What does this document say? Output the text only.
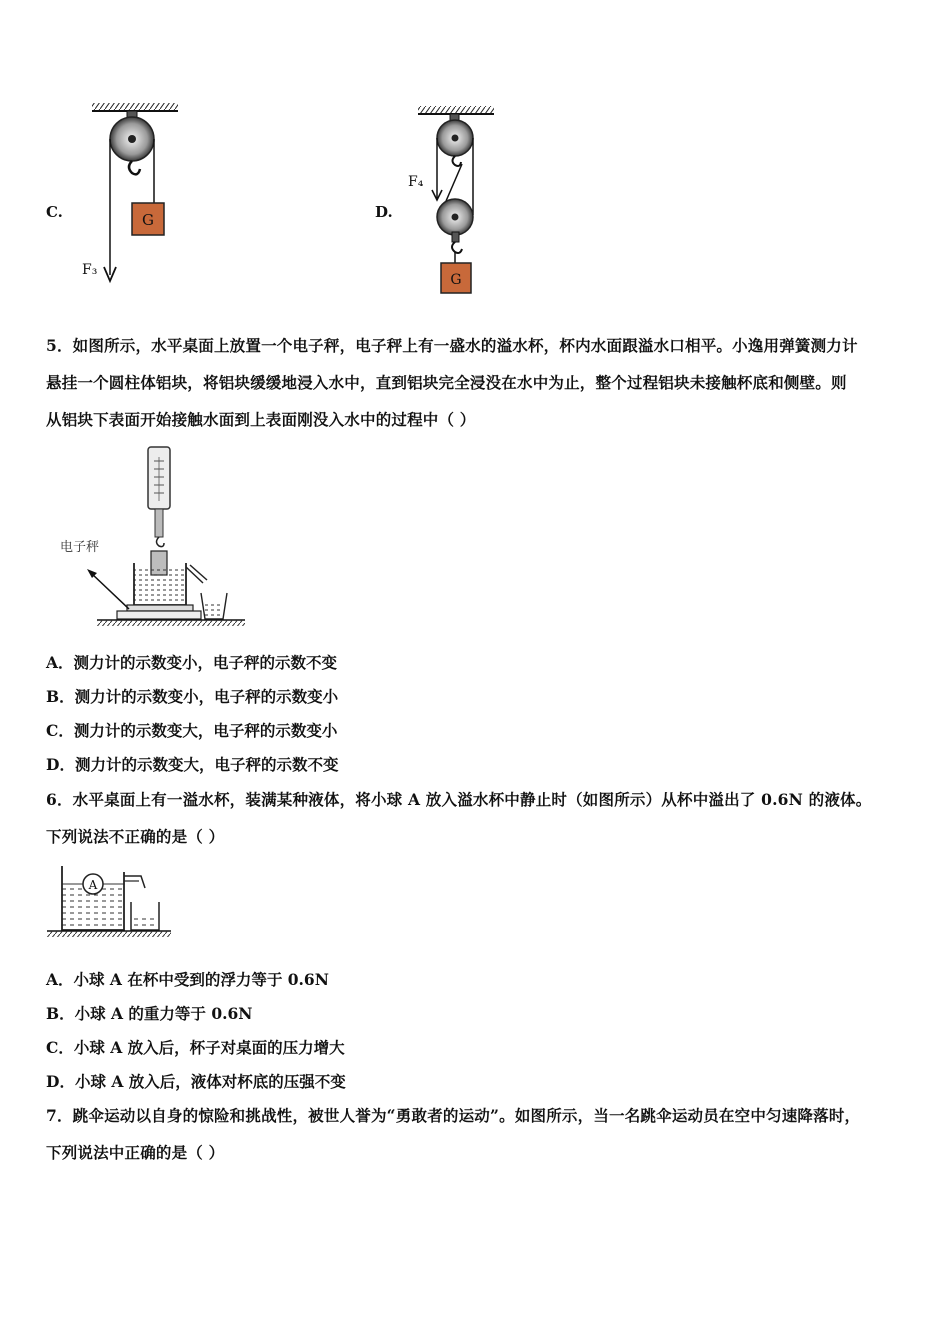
C.	G
F₃
D.
G
F₄
5．如图所示，水平桌面上放置一个电子秤，电子秤上有一盛水的溢水杯，杯内水面跟溢水口相平。小逸用弹簧测力计
悬挂一个圆柱体铝块，将铝块缓缓地浸入水中，直到铝块完全浸没在水中为止，整个过程铝块未接触杯底和侧壁。则
从铝块下表面开始接触水面到上表面刚没入水中的过程中（ ）
电子秤
A．测力计的示数变小，电子秤的示数不变
B．测力计的示数变小，电子秤的示数变小
C．测力计的示数变大，电子秤的示数变小
D．测力计的示数变大，电子秤的示数不变
6．水平桌面上有一溢水杯，装满某种液体，将小球 A 放入溢水杯中静止时（如图所示）从杯中溢出了 0.6N 的液体。
下列说法不正确的是（ ）
A
A．小球 A 在杯中受到的浮力等于 0.6N
B．小球 A 的重力等于 0.6N
C．小球 A 放入后，杯子对桌面的压力增大
D．小球 A 放入后，液体对杯底的压强不变
7．跳伞运动以自身的惊险和挑战性，被世人誉为“勇敢者的运动”。如图所示，当一名跳伞运动员在空中匀速降落时，
下列说法中正确的是（ ）
